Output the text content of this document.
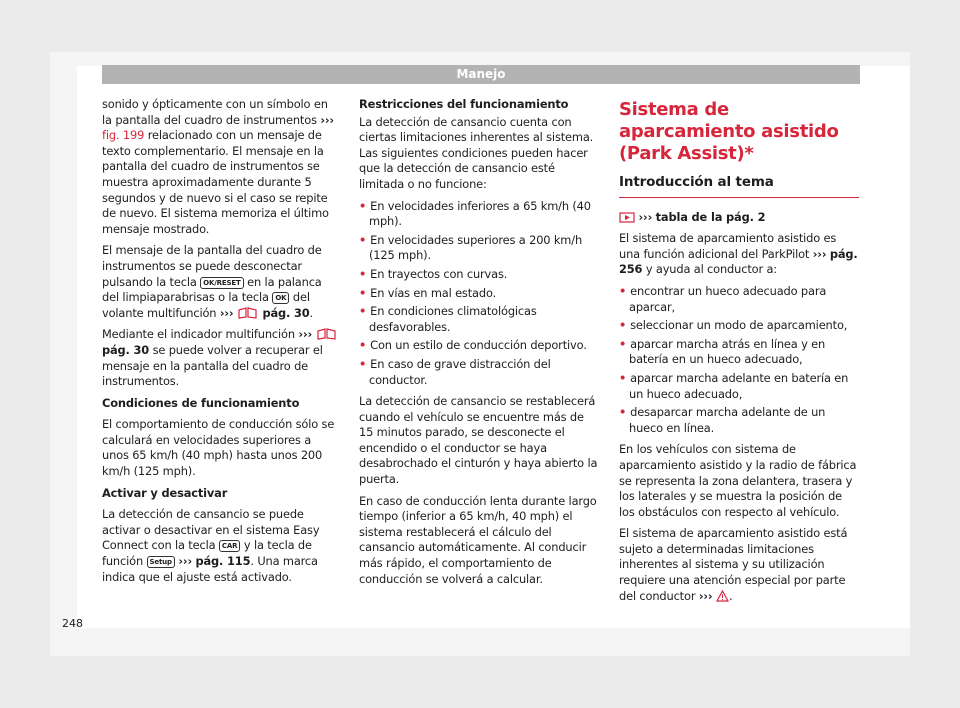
Manejo

sonido y ópticamente con un símbolo en la pantalla del cuadro de instrumentos ››› fig. 199 relacionado con un mensaje de texto complementario. El mensaje en la pantalla del cuadro de instrumentos se muestra aproximadamente durante 5 segundos y de nuevo si el caso se repite de nuevo. El sistema memoriza el último mensaje mostrado.

El mensaje de la pantalla del cuadro de instrumentos se puede desconectar pulsando la tecla OK/RESET en la palanca del limpiaparabrisas o la tecla OK del volante multifunción ›››	pág. 30.

Mediante el indicador multifunción ›››  pág. 30 se puede volver a recuperar el mensaje en la pantalla del cuadro de instrumentos.

Condiciones de funcionamiento

El comportamiento de conducción sólo se calculará en velocidades superiores a unos 65 km/h (40 mph) hasta unos 200 km/h (125 mph).

Activar y desactivar

La detección de cansancio se puede activar o desactivar en el sistema Easy Connect con la tecla CAR y la tecla de función Setup ››› pág. 115. Una marca indica que el ajuste está activado.

Restricciones del funcionamiento

La detección de cansancio cuenta con ciertas limitaciones inherentes al sistema. Las siguientes condiciones pueden hacer que la detección de cansancio esté limitada o no funcione:

• En velocidades inferiores a 65 km/h (40 mph).
• En velocidades superiores a 200 km/h (125 mph).
• En trayectos con curvas.
• En vías en mal estado.
• En condiciones climatológicas desfavorables.
• Con un estilo de conducción deportivo.
• En caso de grave distracción del conductor.

La detección de cansancio se restablecerá cuando el vehículo se encuentre más de 15 minutos parado, se desconecte el encendido o el conductor se haya desabrochado el cinturón y haya abierto la puerta.

En caso de conducción lenta durante largo tiempo (inferior a 65 km/h, 40 mph) el sistema restablecerá el cálculo del cansancio automáticamente. Al conducir más rápido, el comportamiento de conducción se volverá a calcular.

Sistema de aparcamiento asistido (Park Assist)*
Introducción al tema

››› tabla de la pág. 2

El sistema de aparcamiento asistido es una función adicional del ParkPilot ››› pág. 256 y ayuda al conductor a:

• encontrar un hueco adecuado para aparcar,
• seleccionar un modo de aparcamiento,
• aparcar marcha atrás en línea y en batería en un hueco adecuado,
• aparcar marcha adelante en batería en un hueco adecuado,
• desaparcar marcha adelante de un hueco en línea.

En los vehículos con sistema de aparcamiento asistido y la radio de fábrica se representa la zona delantera, trasera y los laterales y se muestra la posición de los obstáculos con respecto al vehículo.

El sistema de aparcamiento asistido está sujeto a determinadas limitaciones inherentes al sistema y su utilización requiere una atención especial por parte del conductor ››› .

248
